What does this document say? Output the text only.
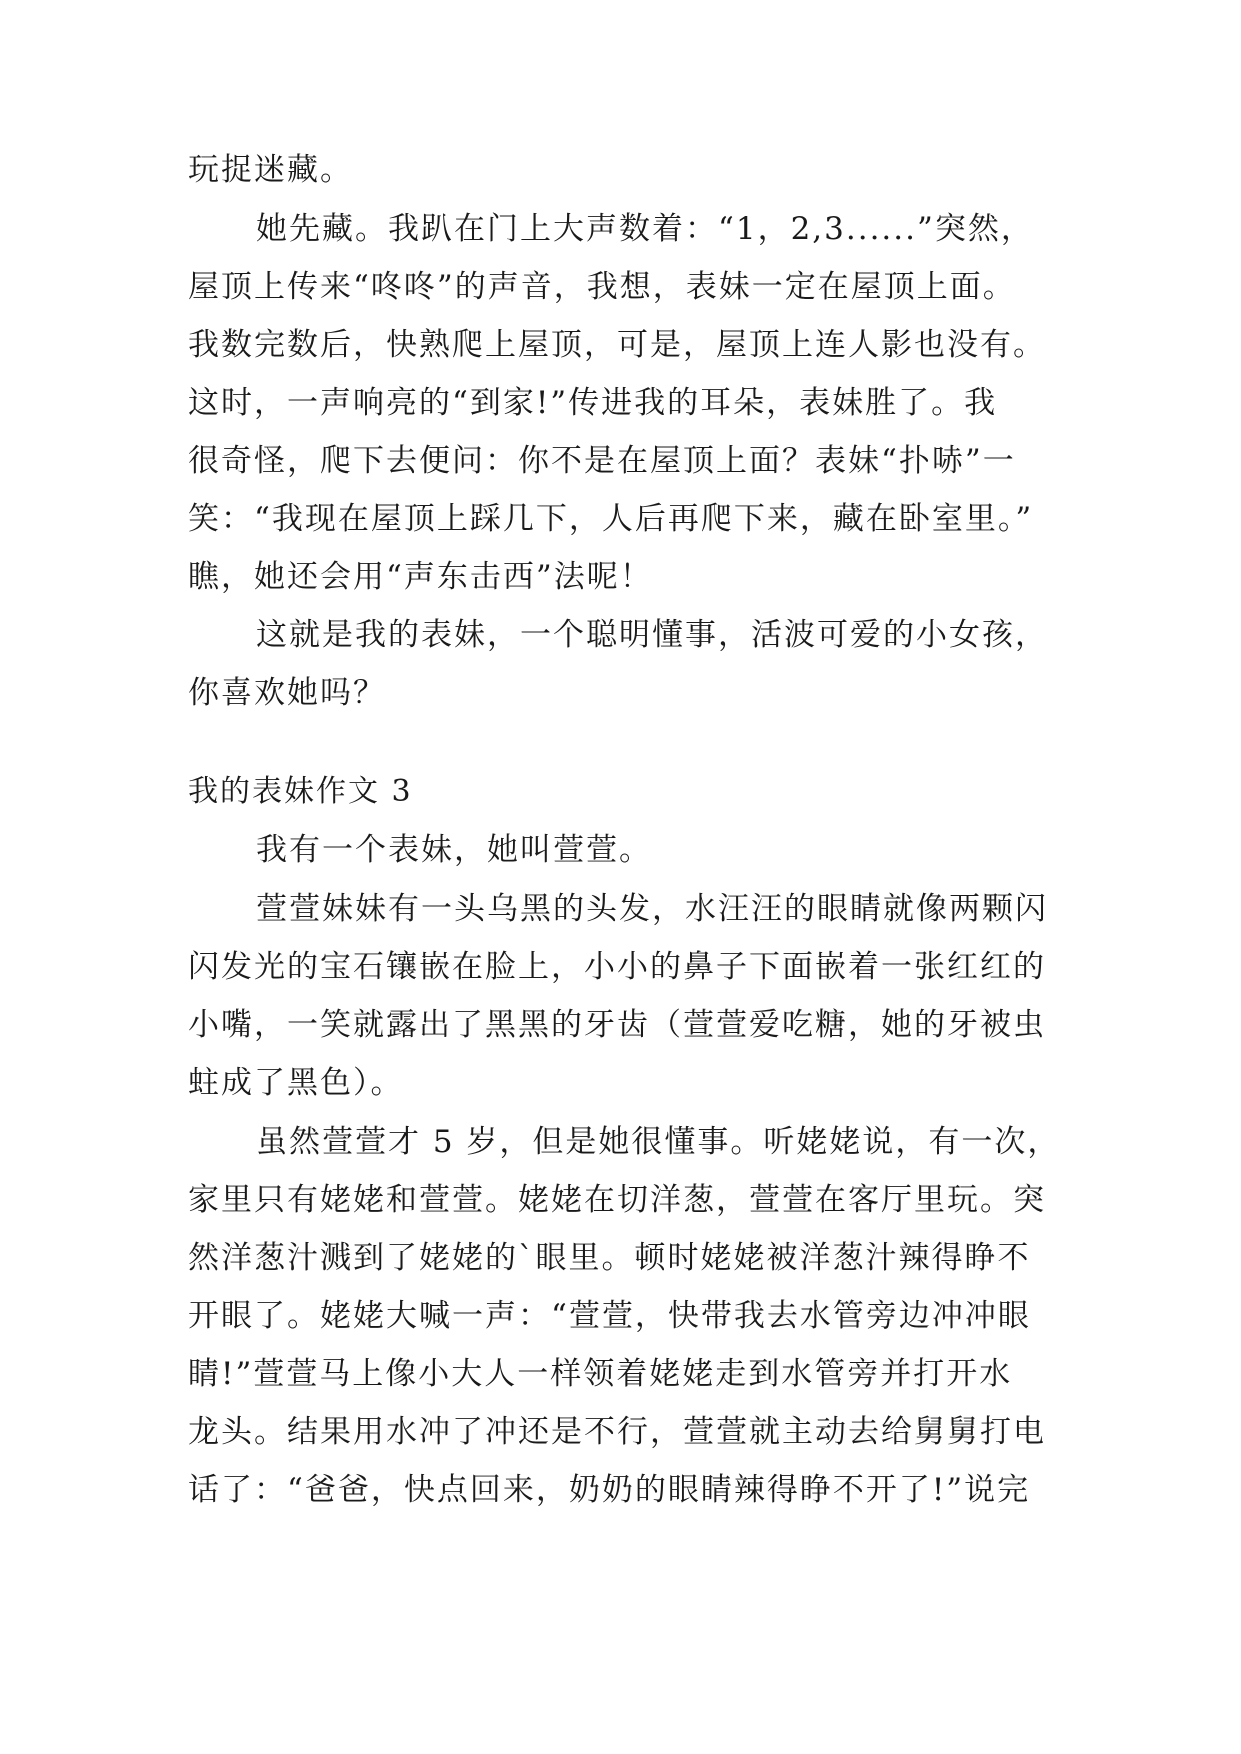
玩捉迷藏。
她先藏。我趴在门上大声数着：“1，2,3......”突然，
屋顶上传来“咚咚”的声音，我想，表妹一定在屋顶上面。
我数完数后，快熟爬上屋顶，可是，屋顶上连人影也没有。
这时，一声响亮的“到家!”传进我的耳朵，表妹胜了。我
很奇怪，爬下去便问：你不是在屋顶上面？表妹“扑哧”一
笑：“我现在屋顶上踩几下，人后再爬下来，藏在卧室里。”
瞧，她还会用“声东击西”法呢！
这就是我的表妹，一个聪明懂事，活波可爱的小女孩，
你喜欢她吗？
我的表妹作文 3
我有一个表妹，她叫萱萱。
萱萱妹妹有一头乌黑的头发，水汪汪的眼睛就像两颗闪
闪发光的宝石镶嵌在脸上，小小的鼻子下面嵌着一张红红的
小嘴，一笑就露出了黑黑的牙齿（萱萱爱吃糖，她的牙被虫
蛀成了黑色）。
虽然萱萱才 5 岁，但是她很懂事。听姥姥说，有一次，
家里只有姥姥和萱萱。姥姥在切洋葱，萱萱在客厅里玩。突
然洋葱汁溅到了姥姥的`眼里。顿时姥姥被洋葱汁辣得睁不
开眼了。姥姥大喊一声：“萱萱，快带我去水管旁边冲冲眼
睛!”萱萱马上像小大人一样领着姥姥走到水管旁并打开水
龙头。结果用水冲了冲还是不行，萱萱就主动去给舅舅打电
话了：“爸爸，快点回来，奶奶的眼睛辣得睁不开了!”说完
